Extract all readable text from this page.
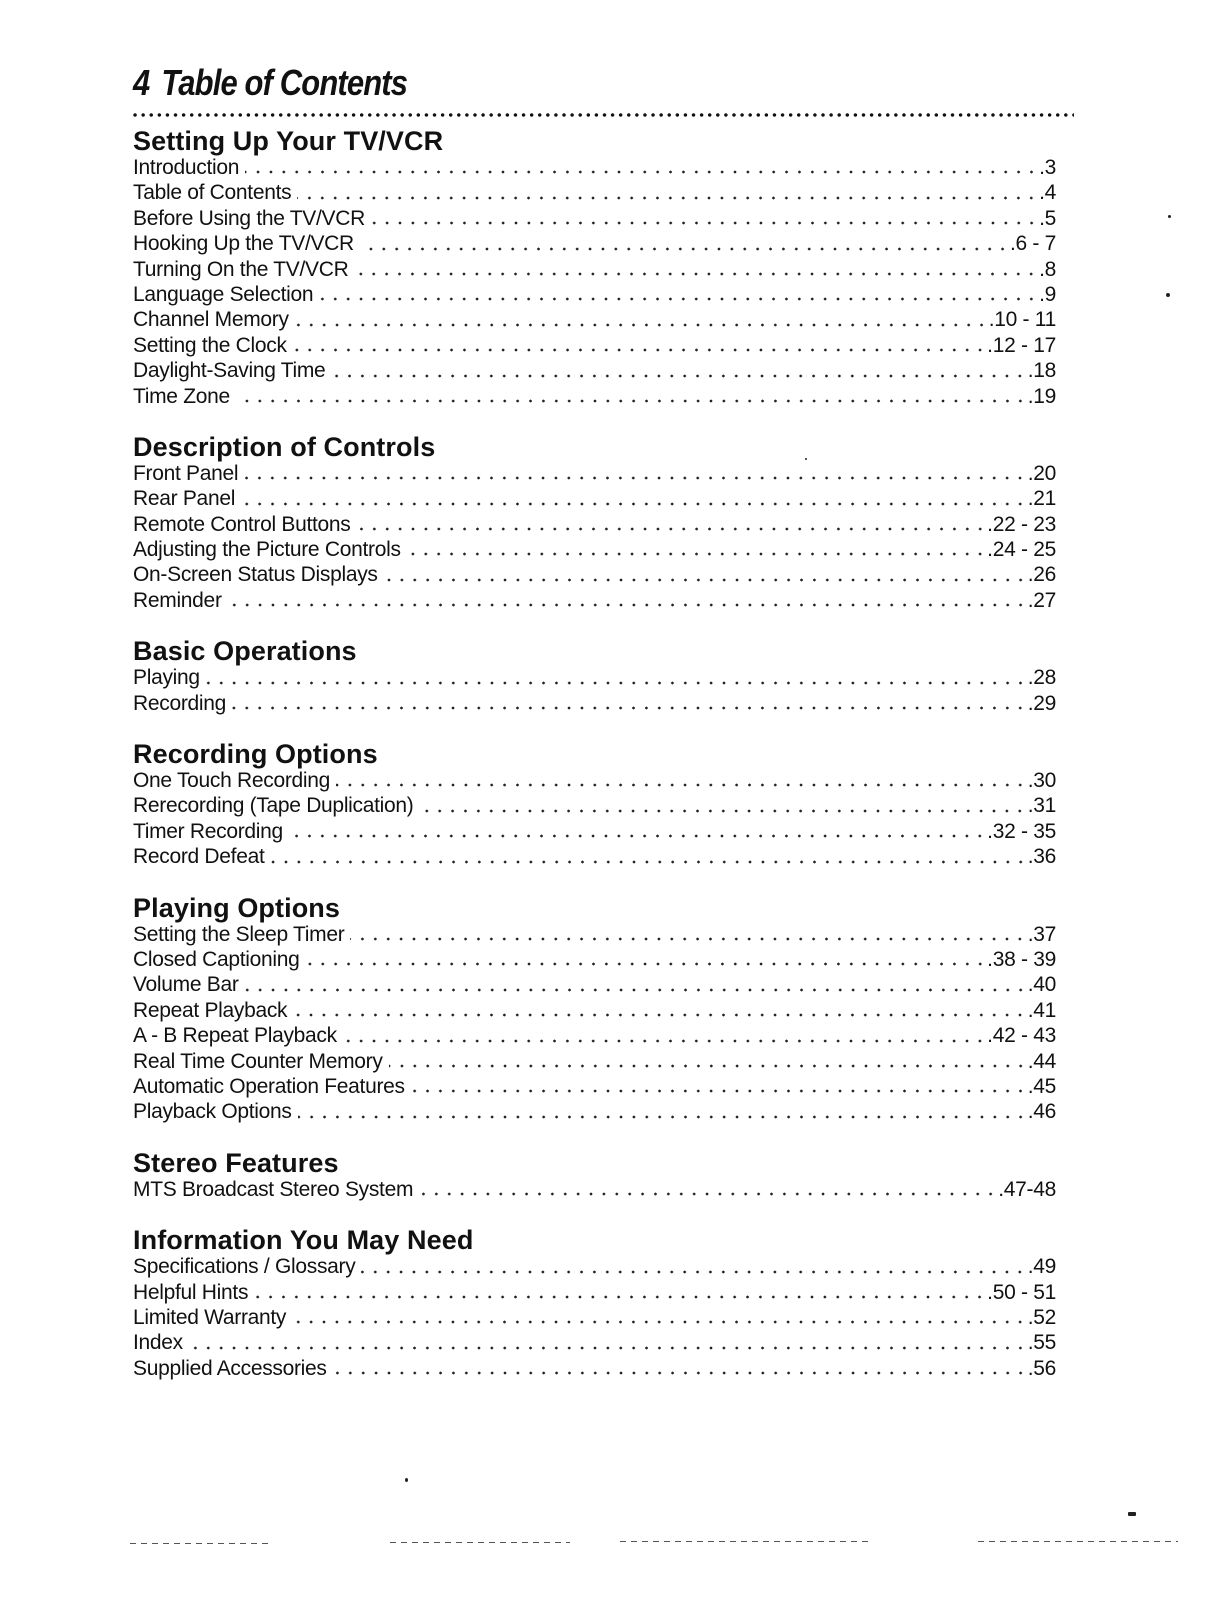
4 Table of Contents
Setting Up Your TV/VCR
Introduction	.3
Table of Contents	.4
Before Using the TV/VCR	.5
Hooking Up the TV/VCR	.6 - 7
Turning On the TV/VCR	.8
Language Selection	.9
Channel Memory	.10 - 11
Setting the Clock	.12 - 17
Daylight-Saving Time	.18
Time Zone	.19
Description of Controls
Front Panel	.20
Rear Panel	.21
Remote Control Buttons	.22 - 23
Adjusting the Picture Controls	.24 - 25
On-Screen Status Displays	.26
Reminder	.27
Basic Operations
Playing	.28
Recording	.29
Recording Options
One Touch Recording	.30
Rerecording (Tape Duplication)	.31
Timer Recording	.32 - 35
Record Defeat	.36
Playing Options
Setting the Sleep Timer	.37
Closed Captioning	.38 - 39
Volume Bar	.40
Repeat Playback	.41
A - B Repeat Playback	.42 - 43
Real Time Counter Memory	.44
Automatic Operation Features	.45
Playback Options	.46
Stereo Features
MTS Broadcast Stereo System	.47-48
Information You May Need
Specifications / Glossary	.49
Helpful Hints	.50 - 51
Limited Warranty	.52
Index	.55
Supplied Accessories	.56
